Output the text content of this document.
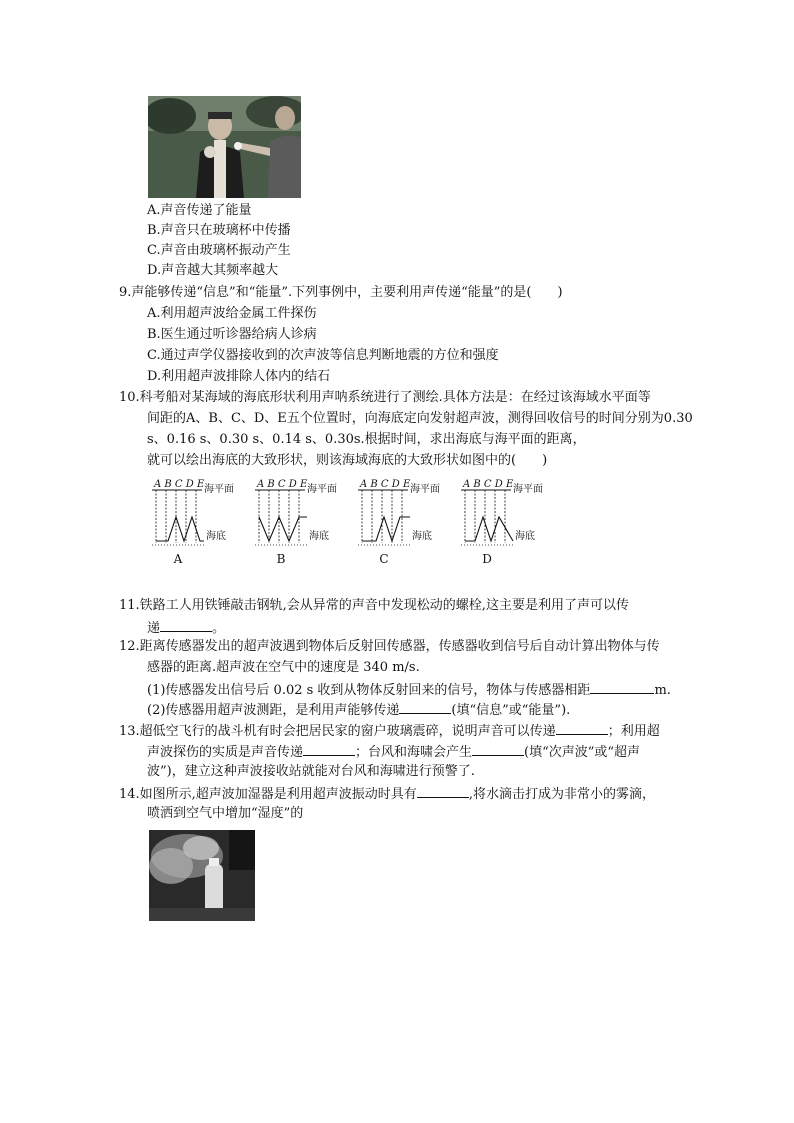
A.声音传递了能量
B.声音只在玻璃杯中传播
C.声音由玻璃杯振动产生
D.声音越大其频率越大
9.声能够传递“信息”和“能量”.下列事例中，主要利用声传递“能量”的是(　　)
A.利用超声波给金属工件探伤
B.医生通过听诊器给病人诊病
C.通过声学仪器接收到的次声波等信息判断地震的方位和强度
D.利用超声波排除人体内的结石
10.科考船对某海域的海底形状利用声呐系统进行了测绘.具体方法是：在经过该海域水平面等
间距的A、B、C、D、E五个位置时，向海底定向发射超声波，测得回收信号的时间分别为0.30
s、0.16 s、0.30 s、0.14 s、0.30s.根据时间，求出海底与海平面的距离，
就可以绘出海底的大致形状，则该海域海底的大致形状如图中的(　　)
A B C D E 海平面
海底
A
A B C D E 海平面
海底
B
A B C D E 海平面
海底
C
A B C D E 海平面
海底
D
11.铁路工人用铁锤敲击钢轨,会从异常的声音中发现松动的螺栓,这主要是利用了声可以传
递	。
12.距离传感器发出的超声波遇到物体后反射回传感器，传感器收到信号后自动计算出物体与传
感器的距离.超声波在空气中的速度是 340 m/s.
(1)传感器发出信号后 0.02 s 收到从物体反射回来的信号，物体与传感器相距	m.
(2)传感器用超声波测距，是利用声能够传递	(填“信息”或“能量”).
13.超低空飞行的战斗机有时会把居民家的窗户玻璃震碎，说明声音可以传递	；利用超
声波探伤的实质是声音传递	；台风和海啸会产生	(填“次声波”或“超声
波”)，建立这种声波接收站就能对台风和海啸进行预警了.
14.如图所示,超声波加湿器是利用超声波振动时具有	,将水滴击打成为非常小的雾滴，
喷洒到空气中增加“湿度”的
